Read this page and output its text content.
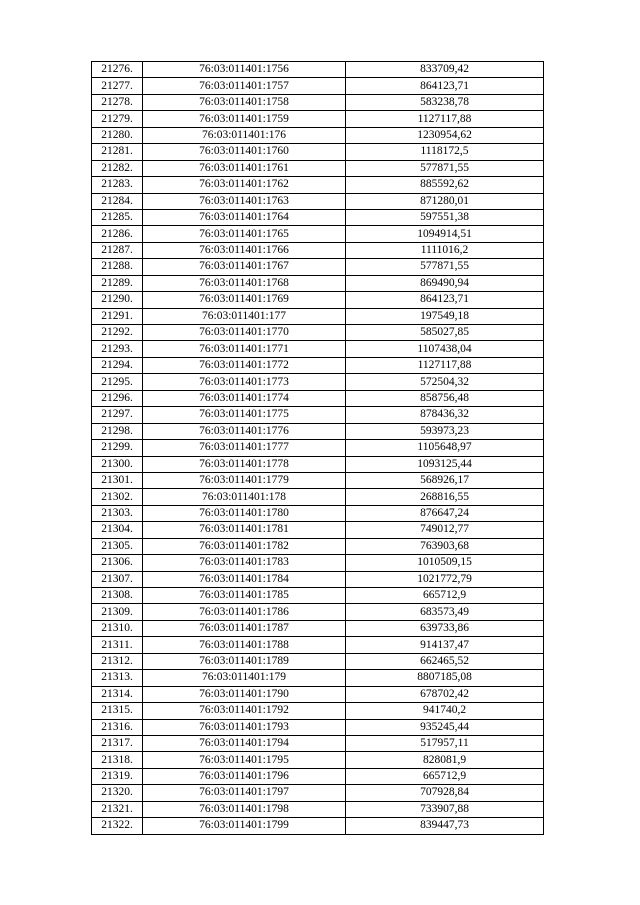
21276.	76:03:011401:1756	833709,42
21277.	76:03:011401:1757	864123,71
21278.	76:03:011401:1758	583238,78
21279.	76:03:011401:1759	1127117,88
21280.	76:03:011401:176	1230954,62
21281.	76:03:011401:1760	1118172,5
21282.	76:03:011401:1761	577871,55
21283.	76:03:011401:1762	885592,62
21284.	76:03:011401:1763	871280,01
21285.	76:03:011401:1764	597551,38
21286.	76:03:011401:1765	1094914,51
21287.	76:03:011401:1766	1111016,2
21288.	76:03:011401:1767	577871,55
21289.	76:03:011401:1768	869490,94
21290.	76:03:011401:1769	864123,71
21291.	76:03:011401:177	197549,18
21292.	76:03:011401:1770	585027,85
21293.	76:03:011401:1771	1107438,04
21294.	76:03:011401:1772	1127117,88
21295.	76:03:011401:1773	572504,32
21296.	76:03:011401:1774	858756,48
21297.	76:03:011401:1775	878436,32
21298.	76:03:011401:1776	593973,23
21299.	76:03:011401:1777	1105648,97
21300.	76:03:011401:1778	1093125,44
21301.	76:03:011401:1779	568926,17
21302.	76:03:011401:178	268816,55
21303.	76:03:011401:1780	876647,24
21304.	76:03:011401:1781	749012,77
21305.	76:03:011401:1782	763903,68
21306.	76:03:011401:1783	1010509,15
21307.	76:03:011401:1784	1021772,79
21308.	76:03:011401:1785	665712,9
21309.	76:03:011401:1786	683573,49
21310.	76:03:011401:1787	639733,86
21311.	76:03:011401:1788	914137,47
21312.	76:03:011401:1789	662465,52
21313.	76:03:011401:179	8807185,08
21314.	76:03:011401:1790	678702,42
21315.	76:03:011401:1792	941740,2
21316.	76:03:011401:1793	935245,44
21317.	76:03:011401:1794	517957,11
21318.	76:03:011401:1795	828081,9
21319.	76:03:011401:1796	665712,9
21320.	76:03:011401:1797	707928,84
21321.	76:03:011401:1798	733907,88
21322.	76:03:011401:1799	839447,73
